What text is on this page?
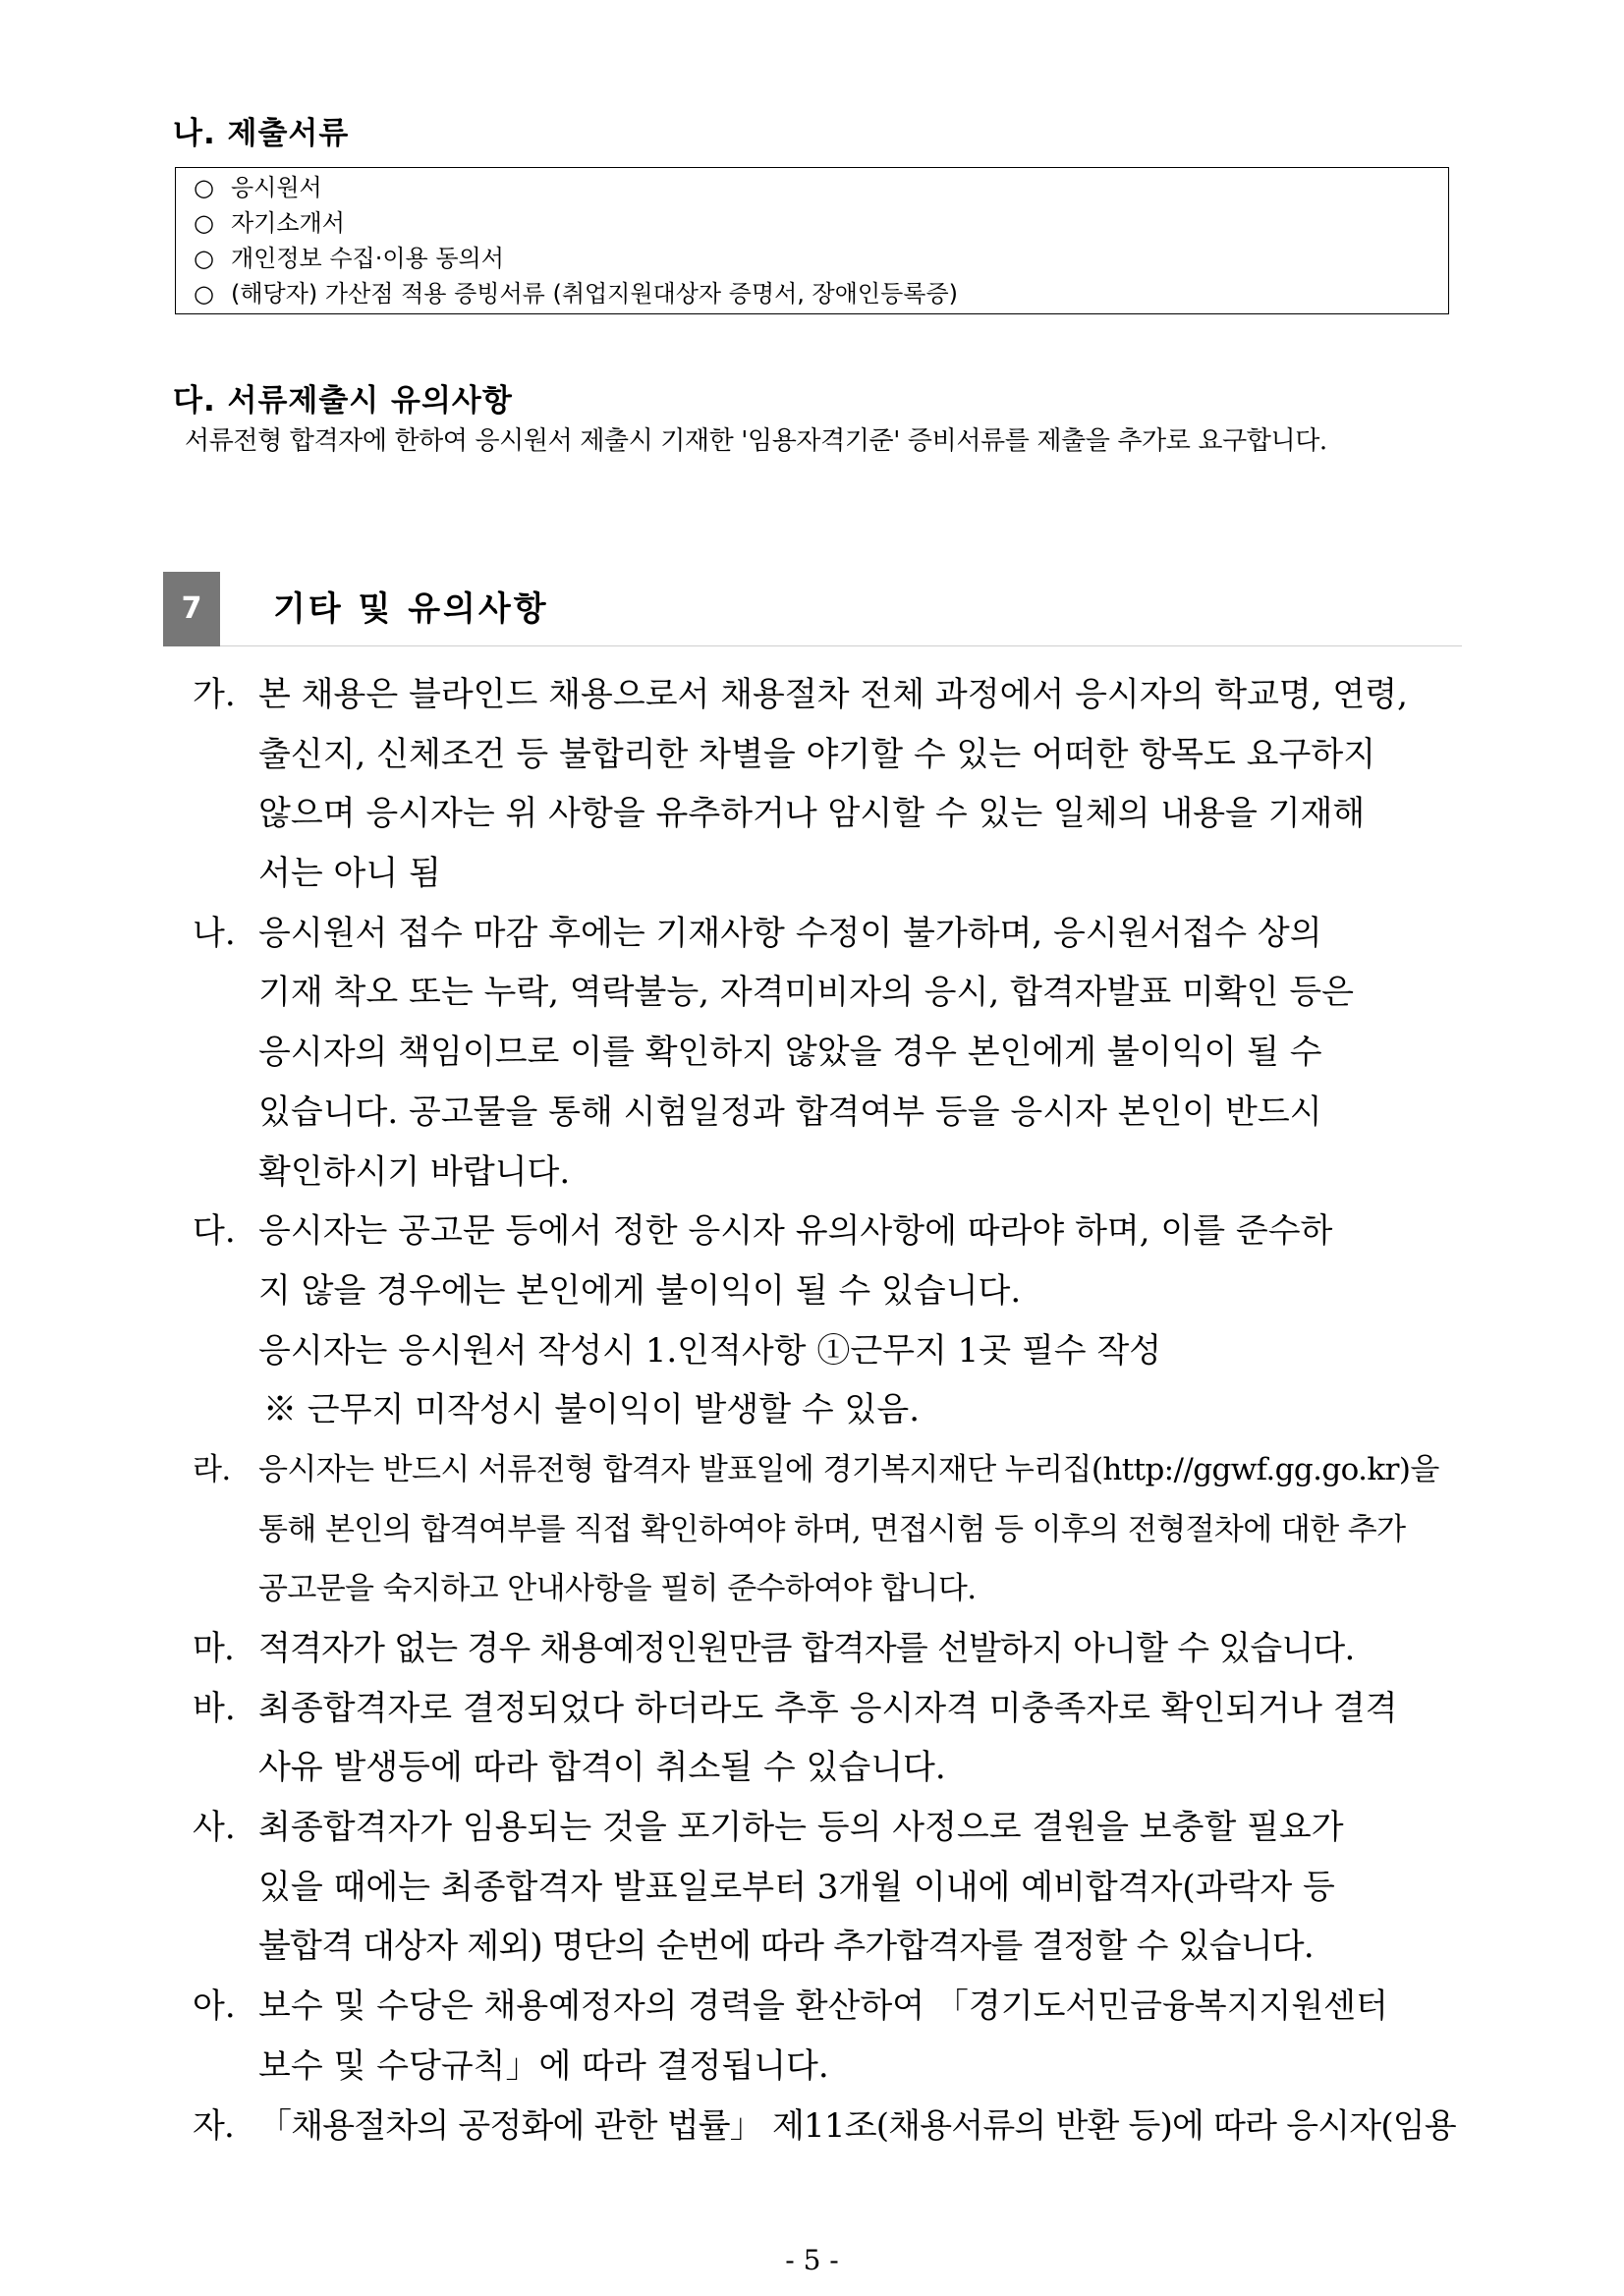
나. 제출서류
○ 응시원서
○ 자기소개서
○ 개인정보 수집·이용 동의서
○ (해당자) 가산점 적용 증빙서류 (취업지원대상자 증명서, 장애인등록증)
다. 서류제출시 유의사항
서류전형 합격자에 한하여 응시원서 제출시 기재한 '임용자격기준' 증비서류를 제출을 추가로 요구합니다.
7	기타 및 유의사항
가. 본 채용은 블라인드 채용으로서 채용절차 전체 과정에서 응시자의 학교명, 연령,
출신지, 신체조건 등 불합리한 차별을 야기할 수 있는 어떠한 항목도 요구하지
않으며 응시자는 위 사항을 유추하거나 암시할 수 있는 일체의 내용을 기재해
서는 아니 됨
나. 응시원서 접수 마감 후에는 기재사항 수정이 불가하며, 응시원서접수 상의
기재 착오 또는 누락, 역락불능, 자격미비자의 응시, 합격자발표 미확인 등은
응시자의 책임이므로 이를 확인하지 않았을 경우 본인에게 불이익이 될 수
있습니다. 공고물을 통해 시험일정과 합격여부 등을 응시자 본인이 반드시
확인하시기 바랍니다.
다. 응시자는 공고문 등에서 정한 응시자 유의사항에 따라야 하며, 이를 준수하
지 않을 경우에는 본인에게 불이익이 될 수 있습니다.
응시자는 응시원서 작성시 1.인적사항 ①근무지 1곳 필수 작성
※ 근무지 미작성시 불이익이 발생할 수 있음.
라. 응시자는 반드시 서류전형 합격자 발표일에 경기복지재단 누리집(http://ggwf.gg.go.kr)을
통해 본인의 합격여부를 직접 확인하여야 하며, 면접시험 등 이후의 전형절차에 대한 추가
공고문을 숙지하고 안내사항을 필히 준수하여야 합니다.
마. 적격자가 없는 경우 채용예정인원만큼 합격자를 선발하지 아니할 수 있습니다.
바. 최종합격자로 결정되었다 하더라도 추후 응시자격 미충족자로 확인되거나 결격
사유 발생등에 따라 합격이 취소될 수 있습니다.
사. 최종합격자가 임용되는 것을 포기하는 등의 사정으로 결원을 보충할 필요가
있을 때에는 최종합격자 발표일로부터 3개월 이내에 예비합격자(과락자 등
불합격 대상자 제외) 명단의 순번에 따라 추가합격자를 결정할 수 있습니다.
아. 보수 및 수당은 채용예정자의 경력을 환산하여 「경기도서민금융복지지원센터
보수 및 수당규칙」에 따라 결정됩니다.
자. 「채용절차의 공정화에 관한 법률」 제11조(채용서류의 반환 등)에 따라 응시자(임용
- 5 -
